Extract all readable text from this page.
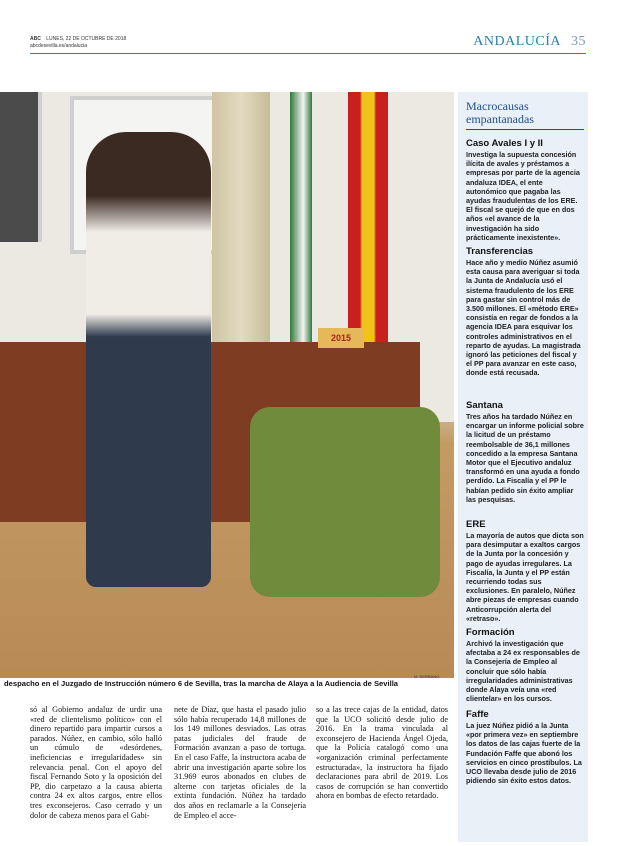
ABC LUNES, 22 DE OCTUBRE DE 2018
abcdesevilla.es/andalucia	ANDALUCÍA 35
2015
M. SERRANO
despacho en el Juzgado de Instrucción número 6 de Sevilla, tras la marcha de Alaya a la Audiencia de Sevilla

só al Gobierno andaluz de urdir una «red de clientelismo político» con el dinero repartido para impartir cursos a parados. Núñez, en cambio, sólo halló un cúmulo de «desórdenes, ineficiencias e irregularidades» sin relevancia penal. Con el apoyo del fiscal Fernando Soto y la oposición del PP, dio carpetazo a la causa abierta contra 24 ex altos cargos, entre ellos tres exconsejeros. Caso cerrado y un dolor de cabeza menos para el Gabi-

nete de Díaz, que hasta el pasado julio sólo había recuperado 14,8 millones de los 149 millones desviados. Las otras patas judiciales del fraude de Formación avanzan a paso de tortuga. En el caso Faffe, la instructora acaba de abrir una investigación aparte sobre los 31.969 euros abonados en clubes de alterne con tarjetas oficiales de la extinta fundación. Núñez ha tardado dos años en reclamarle a la Consejería de Empleo el acce-

so a las trece cajas de la entidad, datos que la UCO solicitó desde julio de 2016. En la trama vinculada al exconsejero de Hacienda Ángel Ojeda, que la Policía catalogó como una «organización criminal perfectamente estructurada», la instructora ha fijado declaraciones para abril de 2019. Los casos de corrupción se han convertido ahora en bombas de efecto retardado.

Macrocausas empantanadas
Caso Avales I y II

Investiga la supuesta concesión ilícita de avales y préstamos a empresas por parte de la agencia andaluza IDEA, el ente autonómico que pagaba las ayudas fraudulentas de los ERE. El fiscal se quejó de que en dos años «el avance de la investigación ha sido prácticamente inexistente».

Transferencias

Hace año y medio Núñez asumió esta causa para averiguar si toda la Junta de Andalucía usó el sistema fraudulento de los ERE para gastar sin control más de 3.500 millones. El «método ERE» consistía en regar de fondos a la agencia IDEA para esquivar los controles administrativos en el reparto de ayudas. La magistrada ignoró las peticiones del fiscal y el PP para avanzar en este caso, donde está recusada.

Santana

Tres años ha tardado Núñez en encargar un informe policial sobre la licitud de un préstamo reembolsable de 36,1 millones concedido a la empresa Santana Motor que el Ejecutivo andaluz transformó en una ayuda a fondo perdido. La Fiscalía y el PP le habían pedido sin éxito ampliar las pesquisas.

ERE

La mayoría de autos que dicta son para desimputar a exaltos cargos de la Junta por la concesión y pago de ayudas irregulares. La Fiscalía, la Junta y el PP están recurriendo todas sus exclusiones. En paralelo, Núñez abre piezas de empresas cuando Anticorrupción alerta del «retraso».

Formación

Archivó la investigación que afectaba a 24 ex responsables de la Consejería de Empleo al concluir que sólo había irregularidades administrativas donde Alaya veía una «red clientelar» en los cursos.

Faffe

La juez Núñez pidió a la Junta «por primera vez» en septiembre los datos de las cajas fuerte de la Fundación Faffe que abonó los servicios en cinco prostíbulos. La UCO llevaba desde julio de 2016 pidiendo sin éxito estos datos.
